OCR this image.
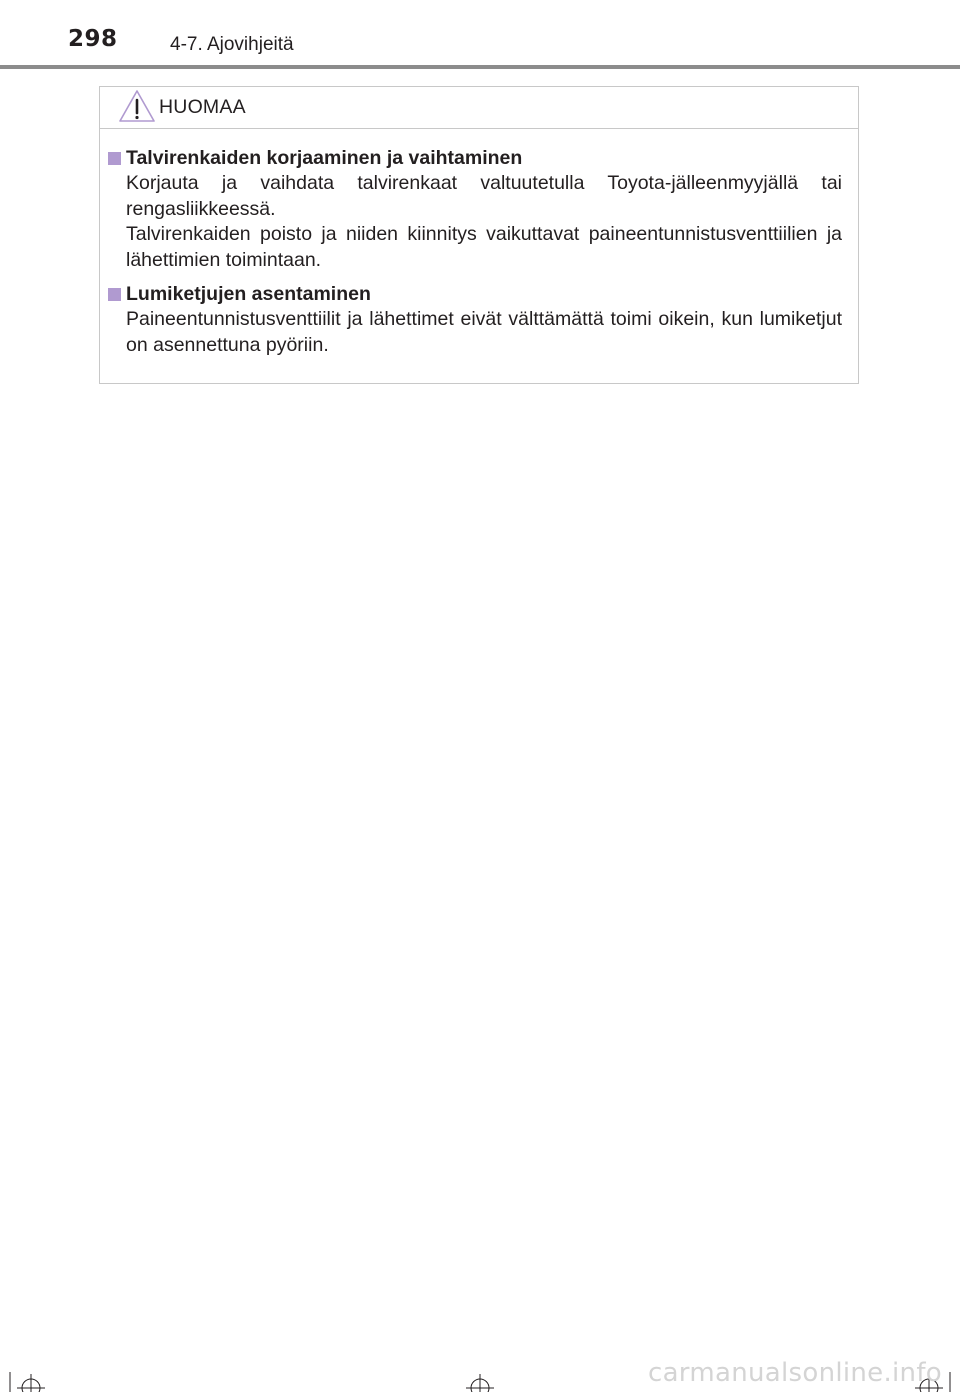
298	4-7. Ajovihjeitä
HUOMAA
Talvirenkaiden korjaaminen ja vaihtaminen

Korjauta ja vaihdata talvirenkaat valtuutetulla Toyota-jälleenmyyjällä tai rengasliikkeessä.

Talvirenkaiden poisto ja niiden kiinnitys vaikuttavat paineentunnistusventtiilien ja lähettimien toimintaan.

Lumiketjujen asentaminen

Paineentunnistusventtiilit ja lähettimet eivät välttämättä toimi oikein, kun lumiketjut on asennettuna pyöriin.

carmanualsonline.info
